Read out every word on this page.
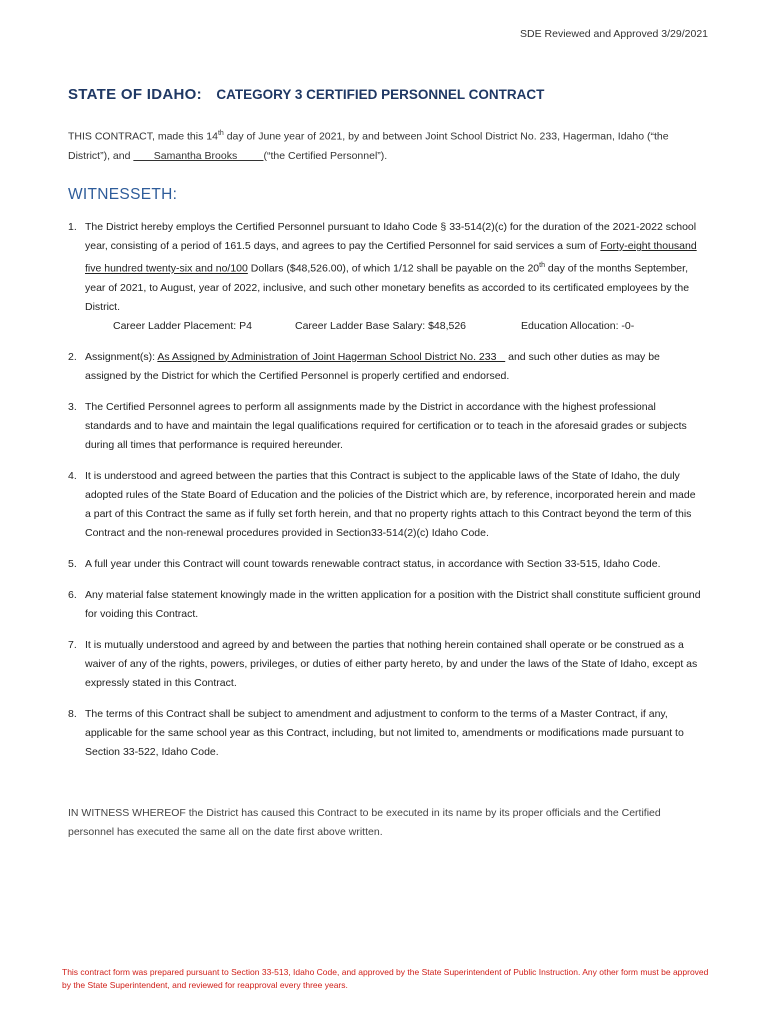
SDE Reviewed and Approved 3/29/2021
STATE OF IDAHO: CATEGORY 3 CERTIFIED PERSONNEL CONTRACT
THIS CONTRACT, made this 14th day of June year of 2021, by and between Joint School District No. 233, Hagerman, Idaho (“the District”), and        Samantha Brooks         (“the Certified Personnel”).
WITNESSETH:
1. The District hereby employs the Certified Personnel pursuant to Idaho Code § 33-514(2)(c) for the duration of the 2021-2022 school year, consisting of a period of 161.5 days, and agrees to pay the Certified Personnel for said services a sum of Forty-eight thousand five hundred twenty-six and no/100 Dollars ($48,526.00), of which 1/12 shall be payable on the 20th day of the months September, year of 2021, to August, year of 2022, inclusive, and such other monetary benefits as accorded to its certificated employees by the District.
Career Ladder Placement: P4	Career Ladder Base Salary: $48,526	Education Allocation: -0-
2. Assignment(s): As Assigned by Administration of Joint Hagerman School District No. 233    and such other duties as may be assigned by the District for which the Certified Personnel is properly certified and endorsed.
3. The Certified Personnel agrees to perform all assignments made by the District in accordance with the highest professional standards and to have and maintain the legal qualifications required for certification or to teach in the aforesaid grades or subjects during all times that performance is required hereunder.
4. It is understood and agreed between the parties that this Contract is subject to the applicable laws of the State of Idaho, the duly adopted rules of the State Board of Education and the policies of the District which are, by reference, incorporated herein and made a part of this Contract the same as if fully set forth herein, and that no property rights attach to this Contract beyond the term of this Contract and the non-renewal procedures provided in Section33-514(2)(c) Idaho Code.
5. A full year under this Contract will count towards renewable contract status, in accordance with Section 33-515, Idaho Code.
6. Any material false statement knowingly made in the written application for a position with the District shall constitute sufficient ground for voiding this Contract.
7. It is mutually understood and agreed by and between the parties that nothing herein contained shall operate or be construed as a waiver of any of the rights, powers, privileges, or duties of either party hereto, by and under the laws of the State of Idaho, except as expressly stated in this Contract.
8. The terms of this Contract shall be subject to amendment and adjustment to conform to the terms of a Master Contract, if any, applicable for the same school year as this Contract, including, but not limited to, amendments or modifications made pursuant to Section 33-522, Idaho Code.
IN WITNESS WHEREOF the District has caused this Contract to be executed in its name by its proper officials and the Certified personnel has executed the same all on the date first above written.
This contract form was prepared pursuant to Section 33-513, Idaho Code, and approved by the State Superintendent of Public Instruction. Any other form must be approved by the State Superintendent, and reviewed for reapproval every three years.
